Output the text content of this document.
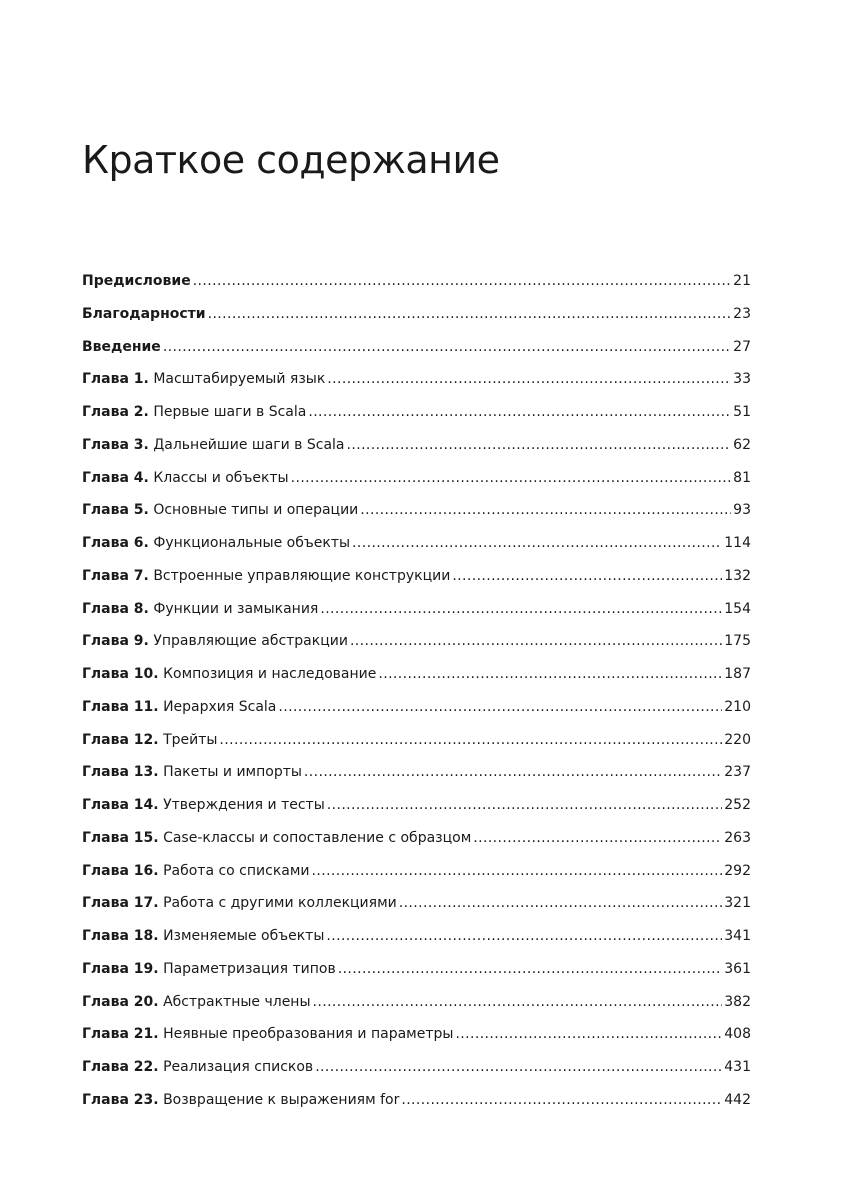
Краткое содержание
Предисловие .....	21
Благодарности .....	23
Введение .....	27
Глава 1. Масштабируемый язык .....	33
Глава 2. Первые шаги в Scala .....	51
Глава 3. Дальнейшие шаги в Scala .....	62
Глава 4. Классы и объекты .....	81
Глава 5. Основные типы и операции .....	93
Глава 6. Функциональные объекты .....	114
Глава 7. Встроенные управляющие конструкции .....	132
Глава 8. Функции и замыкания .....	154
Глава 9. Управляющие абстракции .....	175
Глава 10. Композиция и наследование .....	187
Глава 11. Иерархия Scala .....	210
Глава 12. Трейты .....	220
Глава 13. Пакеты и импорты .....	237
Глава 14. Утверждения и тесты .....	252
Глава 15. Case-классы и сопоставление с образцом .....	263
Глава 16. Работа со списками .....	292
Глава 17. Работа с другими коллекциями .....	321
Глава 18. Изменяемые объекты .....	341
Глава 19. Параметризация типов .....	361
Глава 20. Абстрактные члены .....	382
Глава 21. Неявные преобразования и параметры .....	408
Глава 22. Реализация списков .....	431
Глава 23. Возвращение к выражениям for .....	442
